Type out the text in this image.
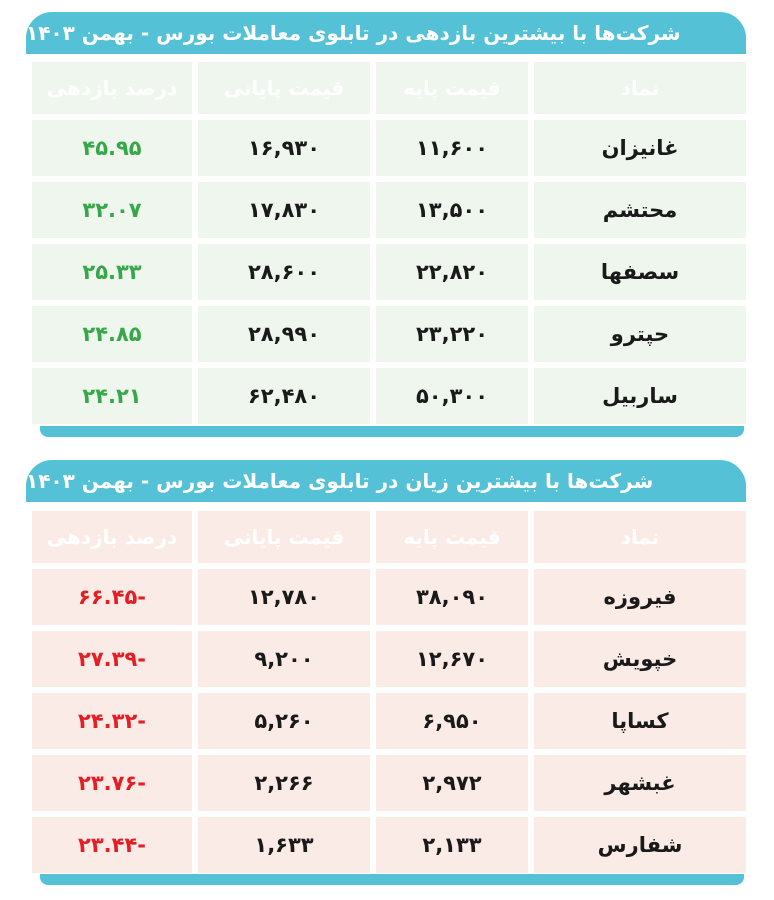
شرکت‌ها با بیشترین بازدهی در تابلوی معاملات بورس - بهمن ۱۴۰۳
درصد بازدهی	قیمت پایانی	قیمت پایه	نماد
۴۵.۹۵	۱۶,۹۳۰	۱۱,۶۰۰	غانیزان
۳۲.۰۷	۱۷,۸۳۰	۱۳,۵۰۰	محتشم
۲۵.۳۳	۲۸,۶۰۰	۲۲,۸۲۰	سصفها
۲۴.۸۵	۲۸,۹۹۰	۲۳,۲۲۰	حپترو
۲۴.۲۱	۶۲,۴۸۰	۵۰,۳۰۰	ساربیل
شرکت‌ها با بیشترین زیان در تابلوی معاملات بورس - بهمن ۱۴۰۳
درصد بازدهی	قیمت پایانی	قیمت پایه	نماد
-۶۶.۴۵	۱۲,۷۸۰	۳۸,۰۹۰	فیروزه
-۲۷.۳۹	۹,۲۰۰	۱۲,۶۷۰	خپویش
-۲۴.۳۲	۵,۲۶۰	۶,۹۵۰	کساپا
-۲۳.۷۶	۲,۲۶۶	۲,۹۷۲	غبشهر
-۲۳.۴۴	۱,۶۳۳	۲,۱۳۳	شفارس
